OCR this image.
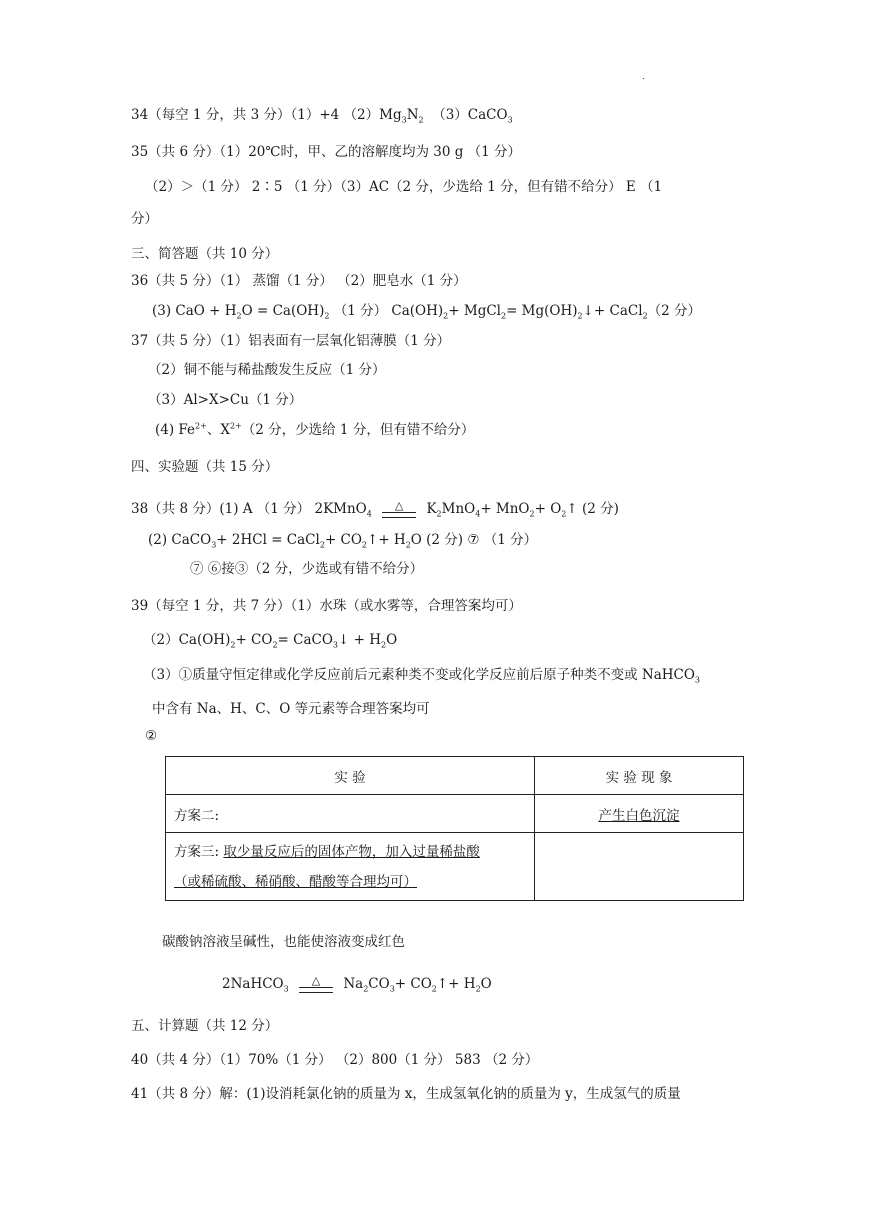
.
34（每空 1 分，共 3 分）（1）+4 $(2)Mg_3N_2$ （3）CaCO$_3$
35（共 6 分）（1）20℃时，甲、乙的溶解度均为 30 g （1 分）
（2）＞（1 分） 2∶5 （1 分）（3）AC（2 分，少选给 1 分，但有错不给分） E （1
分）
三、简答题（共 10 分）
36（共 5 分）（1） 蒸馏（1 分） （2）肥皂水（1 分）
(3) CaO + $H_2O = Ca(OH)_2$ （1 分） $Ca(OH)_2+$ MgCl$_2$= $Mg(OH)_2↓+$ CaCl$_2$（2 分）
37（共 5 分）（1）铝表面有一层氧化铝薄膜（1 分）
（2）铜不能与稀盐酸发生反应（1 分）
（3）Al>X>Cu（1 分）
(4) $Fe^{2+}$、$X^{2+}(2$ 分，少选给 1 分，但有错不给分）
四、实验题（共 15 分）
38（共 8 分）(1) A （1 分） 2KMnO$_4$
△	$K_2MnO_4+ MnO_2+$ $O_2↑$ (2 分)
(2) CaCO$_3$+ 2HCl = CaCl$_2$+ $CO_2↑+ H_2O$ (2 分) ⑦ （1 分）
⑦ ⑥接③（2 分，少选或有错不给分）
39（每空 1 分，共 7 分）（1）水珠（或水雾等，合理答案均可）
$(2)Ca(OH)_2+ CO_2=$ CaCO$_3$↓ + $H_2O$
（3）①质量守恒定律或化学反应前后元素种类不变或化学反应前后原子种类不变或 NaHCO$_3$
中含有 Na、H、C、O 等元素等合理答案均可
②
实 验	实 验 现 象
方案二:	产生白色沉淀
方案三: 取少量反应后的固体产物，加入过量稀盐酸
（或稀硫酸、稀硝酸、醋酸等合理均可）	
碳酸钠溶液呈碱性，也能使溶液变成红色
2NaHCO$_3$
△	$Na_2CO_3+$ $CO_2↑+ H_2O$
五、计算题（共 12 分）
40（共 4 分）（1）70%（1 分） （2）800（1 分） 583 （2 分）
41（共 8 分）解：(1)设消耗氯化钠的质量为 x，生成氢氧化钠的质量为 y，生成氢气的质量
